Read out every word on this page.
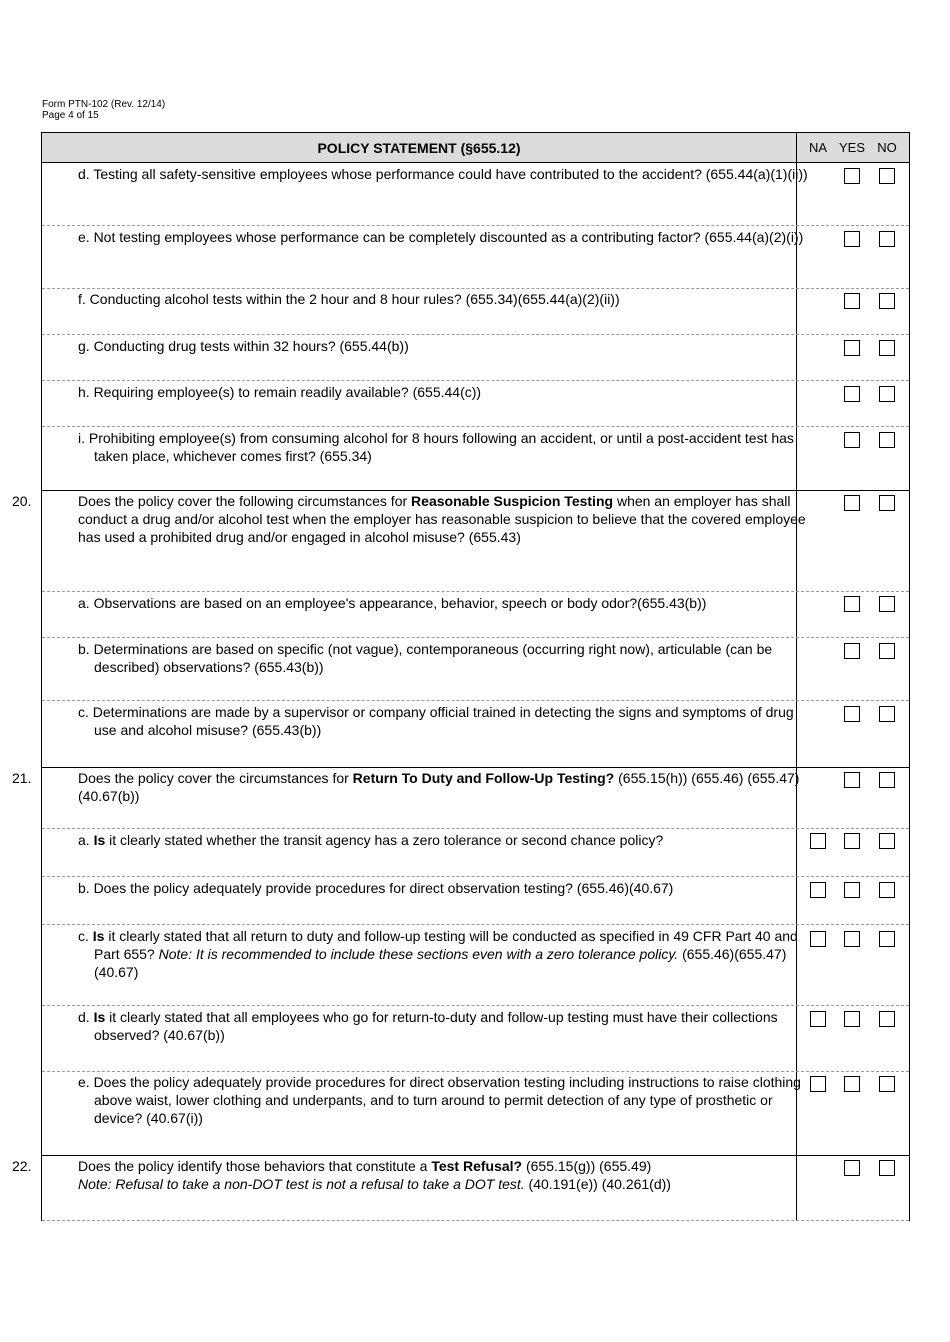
Form PTN-102 (Rev. 12/14)
Page 4 of 15
POLICY STATEMENT (§655.12)	NA YES NO
d. Testing all safety-sensitive employees whose performance could have contributed to the accident? (655.44(a)(1)(ii))
e. Not testing employees whose performance can be completely discounted as a contributing factor? (655.44(a)(2)(i))
f. Conducting alcohol tests within the 2 hour and 8 hour rules? (655.34)(655.44(a)(2)(ii))
g. Conducting drug tests within 32 hours? (655.44(b))
h. Requiring employee(s) to remain readily available? (655.44(c))
i. Prohibiting employee(s) from consuming alcohol for 8 hours following an accident, or until a post-accident test has taken place, whichever comes first? (655.34)
20.	Does the policy cover the following circumstances for Reasonable Suspicion Testing when an employer has shall conduct a drug and/or alcohol test when the employer has reasonable suspicion to believe that the covered employee has used a prohibited drug and/or engaged in alcohol misuse? (655.43)
a. Observations are based on an employee's appearance, behavior, speech or body odor?(655.43(b))
b. Determinations are based on specific (not vague), contemporaneous (occurring right now), articulable (can be described) observations? (655.43(b))
c. Determinations are made by a supervisor or company official trained in detecting the signs and symptoms of drug use and alcohol misuse? (655.43(b))
21.	Does the policy cover the circumstances for Return To Duty and Follow-Up Testing? (655.15(h)) (655.46) (655.47) (40.67(b))
a. Is it clearly stated whether the transit agency has a zero tolerance or second chance policy?
b. Does the policy adequately provide procedures for direct observation testing? (655.46)(40.67)
c. Is it clearly stated that all return to duty and follow-up testing will be conducted as specified in 49 CFR Part 40 and Part 655? Note: It is recommended to include these sections even with a zero tolerance policy. (655.46)(655.47)(40.67)
d. Is it clearly stated that all employees who go for return-to-duty and follow-up testing must have their collections observed? (40.67(b))
e. Does the policy adequately provide procedures for direct observation testing including instructions to raise clothing above waist, lower clothing and underpants, and to turn around to permit detection of any type of prosthetic or device? (40.67(i))
22.	Does the policy identify those behaviors that constitute a Test Refusal? (655.15(g)) (655.49)
Note: Refusal to take a non-DOT test is not a refusal to take a DOT test. (40.191(e)) (40.261(d))
